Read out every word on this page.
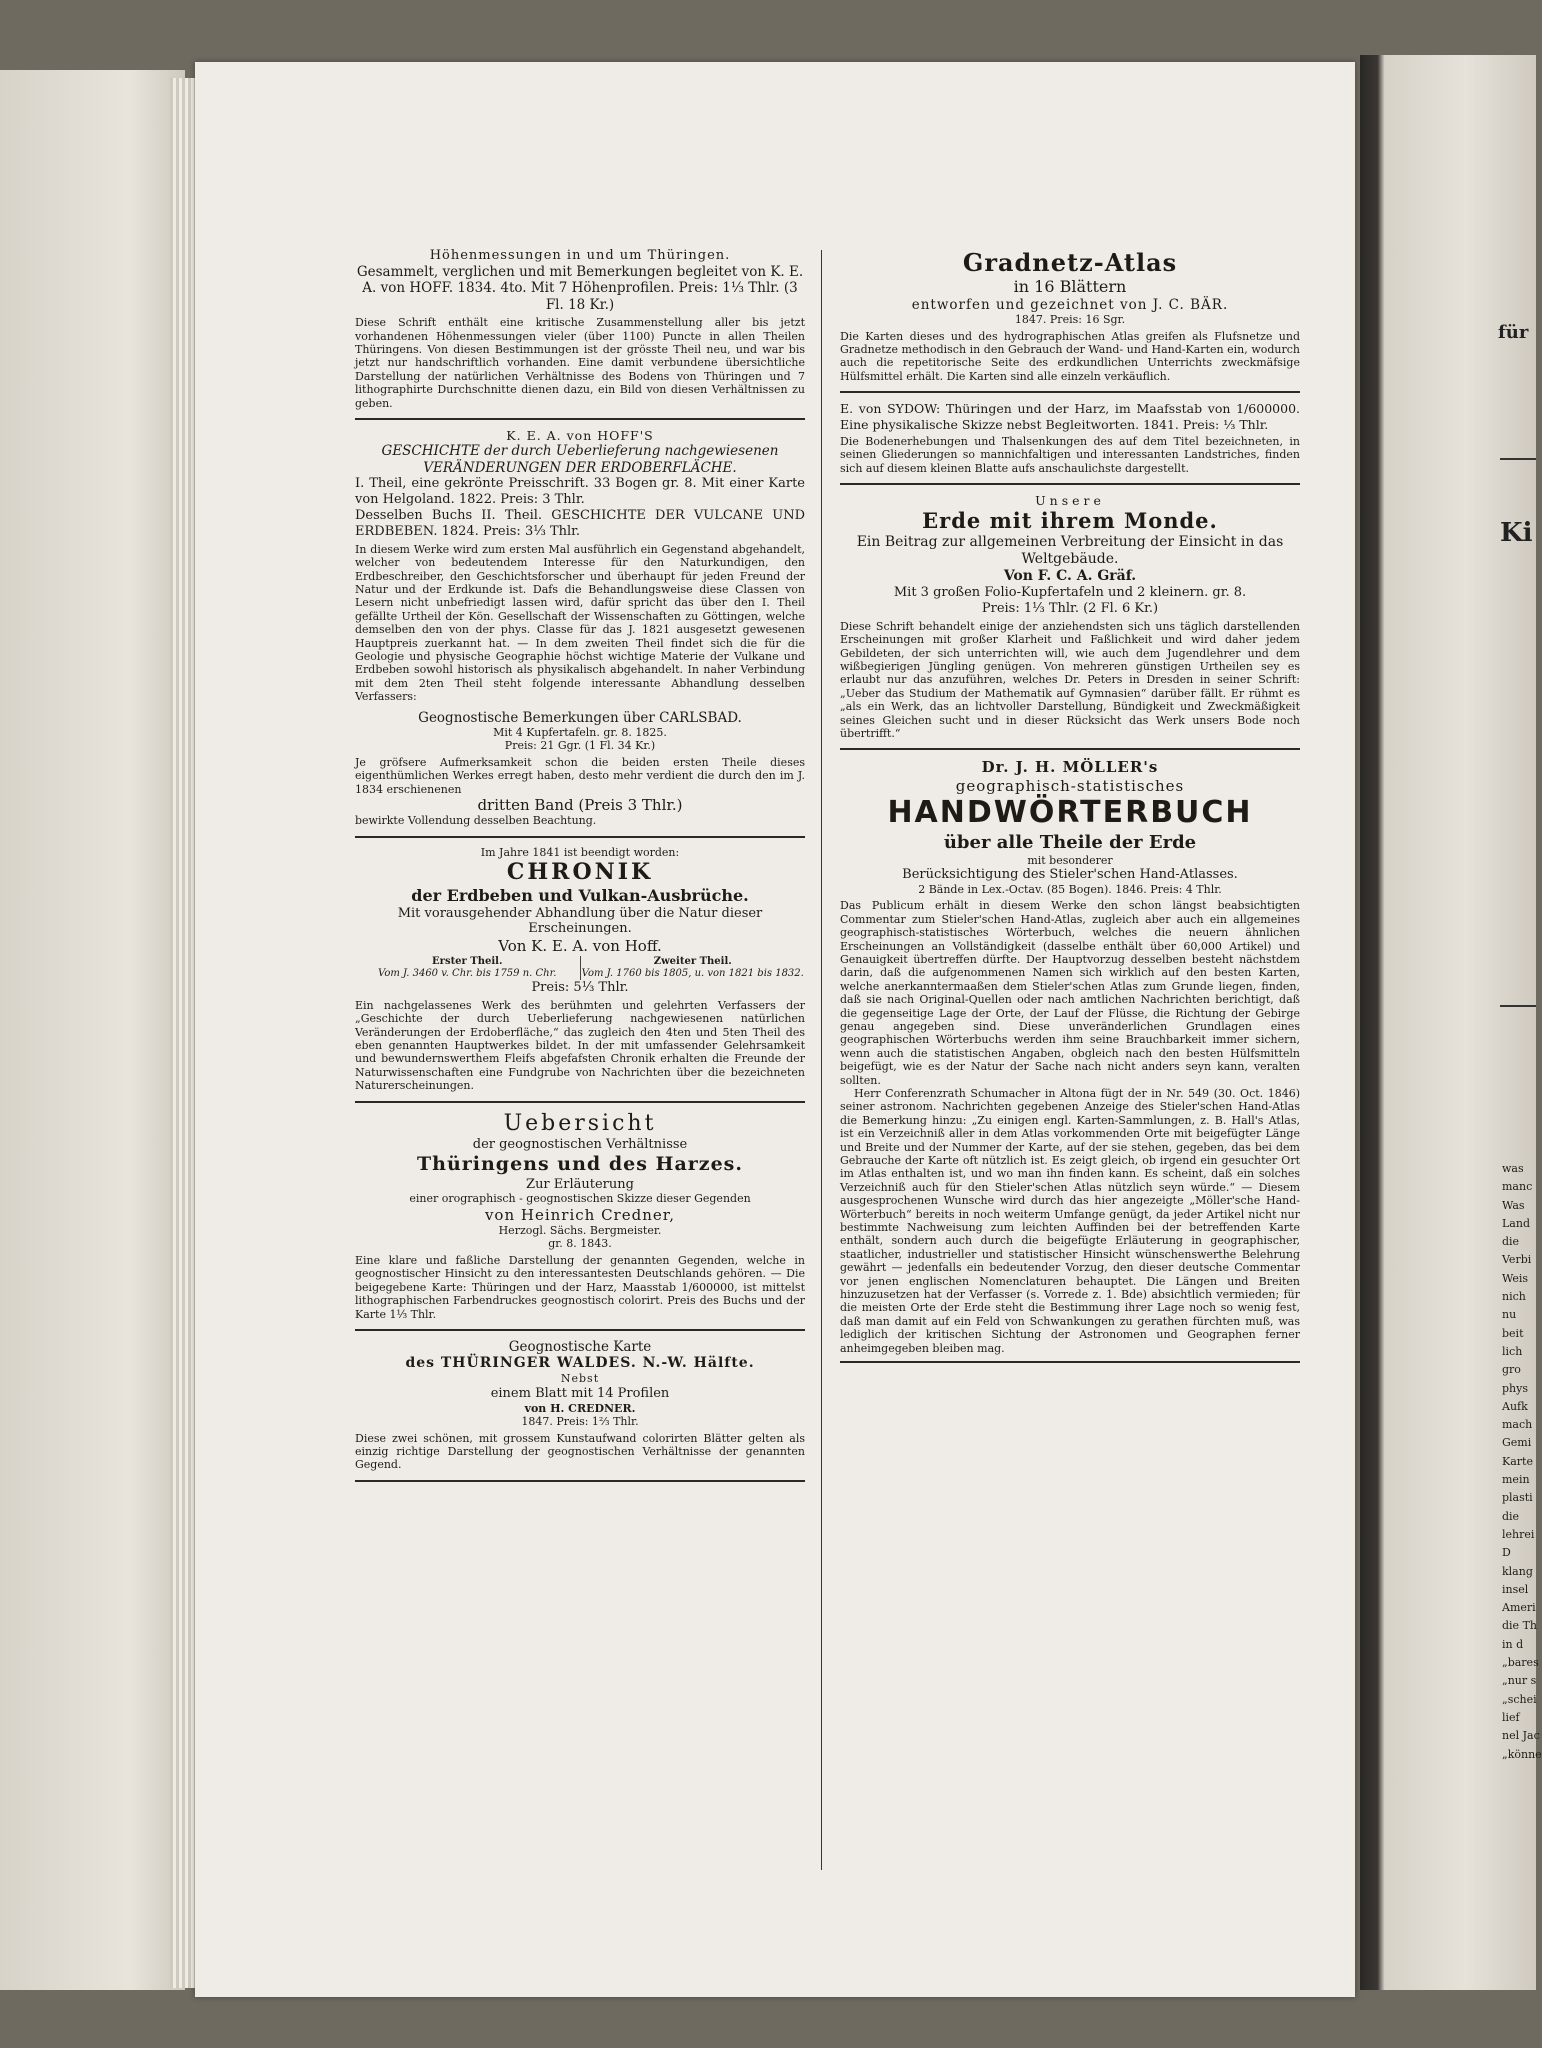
Höhenmessungen in und um Thüringen.
Gesammelt, verglichen und mit Bemerkungen begleitet von K. E. A. von HOFF. 1834. 4to. Mit 7 Höhenprofilen. Preis: 1⅓ Thlr. (3 Fl. 18 Kr.)
Diese Schrift enthält eine kritische Zusammenstellung aller bis jetzt vorhandenen Höhenmessungen vieler (über 1100) Puncte in allen Theilen Thüringens. Von diesen Bestimmungen ist der grösste Theil neu, und war bis jetzt nur handschriftlich vorhanden. Eine damit verbundene übersichtliche Darstellung der natürlichen Verhältnisse des Bodens von Thüringen und 7 lithographirte Durchschnitte dienen dazu, ein Bild von diesen Verhältnissen zu geben.
K. E. A. von HOFF'S
GESCHICHTE der durch Ueberlieferung nachgewiesenen VERÄNDERUNGEN DER ERDOBERFLÄCHE.
I. Theil, eine gekrönte Preisschrift. 33 Bogen gr. 8. Mit einer Karte von Helgoland. 1822. Preis: 3 Thlr.
Desselben Buchs II. Theil. GESCHICHTE DER VULCANE UND ERDBEBEN. 1824. Preis: 3⅓ Thlr.
In diesem Werke wird zum ersten Mal ausführlich ein Gegenstand abgehandelt, welcher von bedeutendem Interesse für den Naturkundigen, den Erdbeschreiber, den Geschichtsforscher und überhaupt für jeden Freund der Natur und der Erdkunde ist. Dafs die Behandlungsweise diese Classen von Lesern nicht unbefriedigt lassen wird, dafür spricht das über den I. Theil gefällte Urtheil der Kön. Gesellschaft der Wissenschaften zu Göttingen, welche demselben den von der phys. Classe für das J. 1821 ausgesetzt gewesenen Hauptpreis zuerkannt hat. — In dem zweiten Theil findet sich die für die Geologie und physische Geographie höchst wichtige Materie der Vulkane und Erdbeben sowohl historisch als physikalisch abgehandelt. In naher Verbindung mit dem 2ten Theil steht folgende interessante Abhandlung desselben Verfassers:
Geognostische Bemerkungen über CARLSBAD.
Mit 4 Kupfertafeln. gr. 8. 1825.
Preis: 21 Ggr. (1 Fl. 34 Kr.)
Je gröfsere Aufmerksamkeit schon die beiden ersten Theile dieses eigenthümlichen Werkes erregt haben, desto mehr verdient die durch den im J. 1834 erschienenen
dritten Band (Preis 3 Thlr.)
bewirkte Vollendung desselben Beachtung.
Im Jahre 1841 ist beendigt worden:
CHRONIK
der Erdbeben und Vulkan-Ausbrüche.
Mit vorausgehender Abhandlung über die Natur dieser Erscheinungen.
Von K. E. A. von Hoff.
Erster Theil.
Vom J. 3460 v. Chr. bis 1759 n. Chr.
Zweiter Theil.
Vom J. 1760 bis 1805, u. von 1821 bis 1832.
Preis: 5⅓ Thlr.
Ein nachgelassenes Werk des berühmten und gelehrten Verfassers der „Geschichte der durch Ueberlieferung nachgewiesenen natürlichen Veränderungen der Erdoberfläche,“ das zugleich den 4ten und 5ten Theil des eben genannten Hauptwerkes bildet. In der mit umfassender Gelehrsamkeit und bewundernswerthem Fleifs abgefafsten Chronik erhalten die Freunde der Naturwissenschaften eine Fundgrube von Nachrichten über die bezeichneten Naturerscheinungen.
Uebersicht
der geognostischen Verhältnisse
Thüringens und des Harzes.
Zur Erläuterung
einer orographisch - geognostischen Skizze dieser Gegenden
von Heinrich Credner,
Herzogl. Sächs. Bergmeister.
gr. 8. 1843.
Eine klare und faßliche Darstellung der genannten Gegenden, welche in geognostischer Hinsicht zu den interessantesten Deutschlands gehören. — Die beigegebene Karte: Thüringen und der Harz, Maasstab 1/600000, ist mittelst lithographischen Farbendruckes geognostisch colorirt. Preis des Buchs und der Karte 1⅓ Thlr.
Geognostische Karte
des THÜRINGER WALDES. N.-W. Hälfte.
Nebst
einem Blatt mit 14 Profilen
von H. CREDNER.
1847. Preis: 1⅔ Thlr.
Diese zwei schönen, mit grossem Kunstaufwand colorirten Blätter gelten als einzig richtige Darstellung der geognostischen Verhältnisse der genannten Gegend.
Gradnetz-Atlas
in 16 Blättern
entworfen und gezeichnet von J. C. BÄR.
1847. Preis: 16 Sgr.
Die Karten dieses und des hydrographischen Atlas greifen als Flufsnetze und Gradnetze methodisch in den Gebrauch der Wand- und Hand-Karten ein, wodurch auch die repetitorische Seite des erdkundlichen Unterrichts zweckmäfsige Hülfsmittel erhält. Die Karten sind alle einzeln verkäuflich.
E. von SYDOW: Thüringen und der Harz, im Maafsstab von 1/600000. Eine physikalische Skizze nebst Begleitworten. 1841. Preis: ⅓ Thlr.
Die Bodenerhebungen und Thalsenkungen des auf dem Titel bezeichneten, in seinen Gliederungen so mannichfaltigen und interessanten Landstriches, finden sich auf diesem kleinen Blatte aufs anschaulichste dargestellt.
Unsere
Erde mit ihrem Monde.
Ein Beitrag zur allgemeinen Verbreitung der Einsicht in das Weltgebäude.
Von F. C. A. Gräf.
Mit 3 großen Folio-Kupfertafeln und 2 kleinern. gr. 8.
Preis: 1⅓ Thlr. (2 Fl. 6 Kr.)
Diese Schrift behandelt einige der anziehendsten sich uns täglich darstellenden Erscheinungen mit großer Klarheit und Faßlichkeit und wird daher jedem Gebildeten, der sich unterrichten will, wie auch dem Jugendlehrer und dem wißbegierigen Jüngling genügen. Von mehreren günstigen Urtheilen sey es erlaubt nur das anzuführen, welches Dr. Peters in Dresden in seiner Schrift: „Ueber das Studium der Mathematik auf Gymnasien“ darüber fällt. Er rühmt es „als ein Werk, das an lichtvoller Darstellung, Bündigkeit und Zweckmäßigkeit seines Gleichen sucht und in dieser Rücksicht das Werk unsers Bode noch übertrifft.“
Dr. J. H. MÖLLER's
geographisch-statistisches
HANDWÖRTERBUCH
über alle Theile der Erde
mit besonderer
Berücksichtigung des Stieler'schen Hand-Atlasses.
2 Bände in Lex.-Octav. (85 Bogen). 1846. Preis: 4 Thlr.
Das Publicum erhält in diesem Werke den schon längst beabsichtigten Commentar zum Stieler'schen Hand-Atlas, zugleich aber auch ein allgemeines geographisch-statistisches Wörterbuch, welches die neuern ähnlichen Erscheinungen an Vollständigkeit (dasselbe enthält über 60,000 Artikel) und Genauigkeit übertreffen dürfte. Der Hauptvorzug desselben besteht nächstdem darin, daß die aufgenommenen Namen sich wirklich auf den besten Karten, welche anerkanntermaaßen dem Stieler'schen Atlas zum Grunde liegen, finden, daß sie nach Original-Quellen oder nach amtlichen Nachrichten berichtigt, daß die gegenseitige Lage der Orte, der Lauf der Flüsse, die Richtung der Gebirge genau angegeben sind. Diese unveränderlichen Grundlagen eines geographischen Wörterbuchs werden ihm seine Brauchbarkeit immer sichern, wenn auch die statistischen Angaben, obgleich nach den besten Hülfsmitteln beigefügt, wie es der Natur der Sache nach nicht anders seyn kann, veralten sollten.
Herr Conferenzrath Schumacher in Altona fügt der in Nr. 549 (30. Oct. 1846) seiner astronom. Nachrichten gegebenen Anzeige des Stieler'schen Hand-Atlas die Bemerkung hinzu: „Zu einigen engl. Karten-Sammlungen, z. B. Hall's Atlas, ist ein Verzeichniß aller in dem Atlas vorkommenden Orte mit beigefügter Länge und Breite und der Nummer der Karte, auf der sie stehen, gegeben, das bei dem Gebrauche der Karte oft nützlich ist. Es zeigt gleich, ob irgend ein gesuchter Ort im Atlas enthalten ist, und wo man ihn finden kann. Es scheint, daß ein solches Verzeichniß auch für den Stieler'schen Atlas nützlich seyn würde.“ — Diesem ausgesprochenen Wunsche wird durch das hier angezeigte „Möller'sche Hand-Wörterbuch“ bereits in noch weiterm Umfange genügt, da jeder Artikel nicht nur bestimmte Nachweisung zum leichten Auffinden bei der betreffenden Karte enthält, sondern auch durch die beigefügte Erläuterung in geographischer, staatlicher, industrieller und statistischer Hinsicht wünschenswerthe Belehrung gewährt — jedenfalls ein bedeutender Vorzug, den dieser deutsche Commentar vor jenen englischen Nomenclaturen behauptet. Die Längen und Breiten hinzuzusetzen hat der Verfasser (s. Vorrede z. 1. Bde) absichtlich vermieden; für die meisten Orte der Erde steht die Bestimmung ihrer Lage noch so wenig fest, daß man damit auf ein Feld von Schwankungen zu gerathen fürchten muß, was lediglich der kritischen Sichtung der Astronomen und Geographen ferner anheimgegeben bleiben mag.
für
Ki
was
manc
Was
Land
die
Verbi
Weis
nich
nu
beit
lich
gro
phys
Aufk
mach
Gemi
Karte
mein
plasti
die
lehrei
D
klang
insel
Ameri
die Th
in d
„bares
„nur s
„schei
lief
nel Jac
„könne
